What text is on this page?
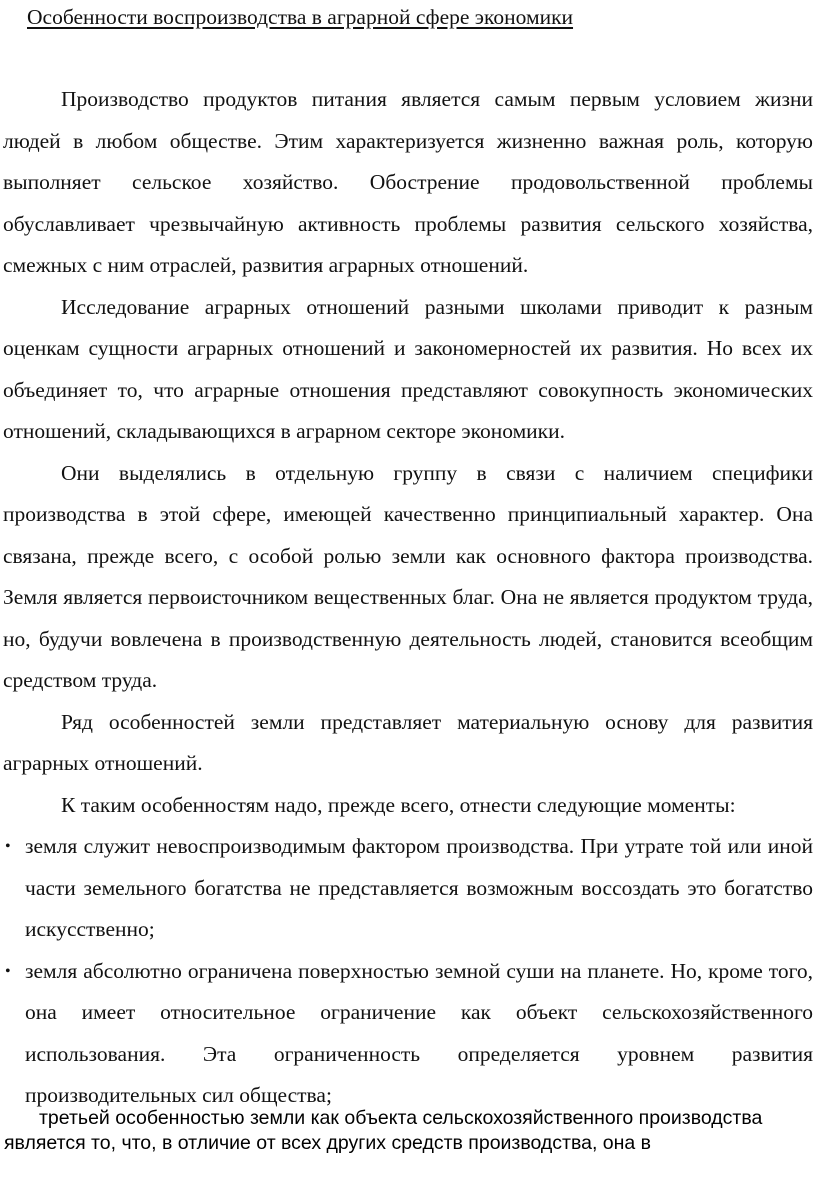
Особенности воспроизводства в аграрной сфере экономики

Производство продуктов питания является самым первым условием жизни людей в любом обществе. Этим характеризуется жизненно важная роль, которую выполняет сельское хозяйство. Обострение продовольственной проблемы обуславливает чрезвычайную активность проблемы развития сельского хозяйства, смежных с ним отраслей, развития аграрных отношений.

Исследование аграрных отношений разными школами приводит к разным оценкам сущности аграрных отношений и закономерностей их развития. Но всех их объединяет то, что аграрные отношения представляют совокупность экономических отношений, складывающихся в аграрном секторе экономики.

Они выделялись в отдельную группу в связи с наличием специфики производства в этой сфере, имеющей качественно принципиальный характер. Она связана, прежде всего, с особой ролью земли как основного фактора производства. Земля является первоисточником вещественных благ. Она не является продуктом труда, но, будучи вовлечена в производственную деятельность людей, становится всеобщим средством труда.

Ряд особенностей земли представляет материальную основу для развития аграрных отношений.

К таким особенностям надо, прежде всего, отнести следующие моменты:

• земля служит невоспроизводимым фактором производства. При утрате той или иной части земельного богатства не представляется возможным воссоздать это богатство искусственно;
• земля абсолютно ограничена поверхностью земной суши на планете. Но, кроме того, она имеет относительное ограничение как объект сельскохозяйственного использования. Эта ограниченность определяется уровнем развития производительных сил общества;
третьей особенностью земли как объекта сельскохозяйственного производства является то, что, в отличие от всех других средств производства, она в
